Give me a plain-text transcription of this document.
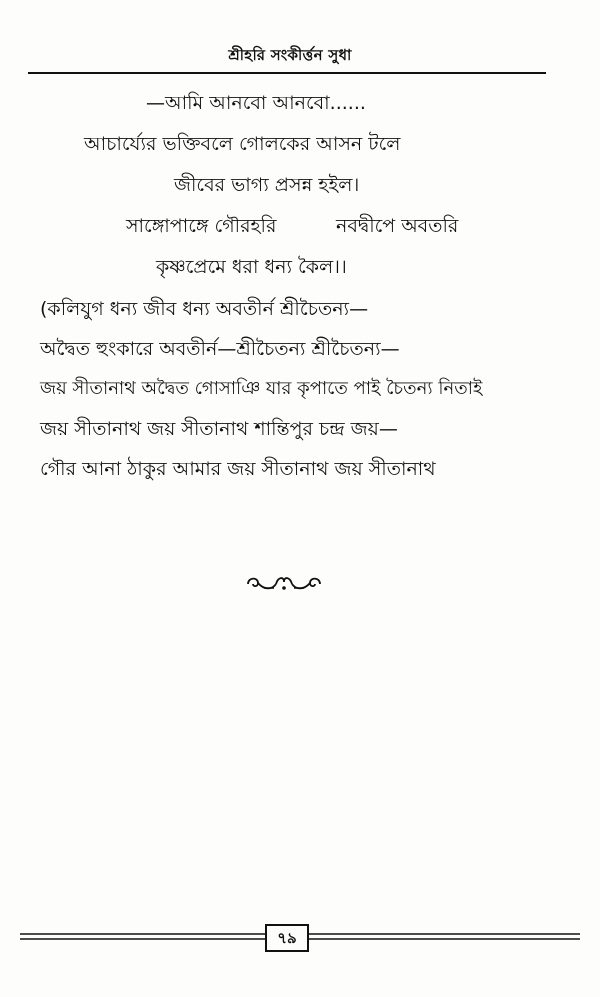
শ্রীহরি সংকীর্ত্তন সুধা
—আমি আনবো আনবো......
আচার্য্যের ভক্তিবলে গোলকের আসন টলে
জীবের ভাগ্য প্রসন্ন হইল।
সাঙ্গোপাঙ্গে গৌরহরি	নবদ্বীপে অবতরি
কৃষ্ণপ্রেমে ধরা ধন্য কৈল।।
(কলিযুগ ধন্য জীব ধন্য অবতীর্ন শ্রীচৈতন্য—
অদ্বৈত হুংকারে অবতীর্ন—শ্রীচৈতন্য শ্রীচৈতন্য—
জয় সীতানাথ অদ্বৈত গোসাঞি যার কৃপাতে পাই চৈতন্য নিতাই
জয় সীতানাথ জয় সীতানাথ শান্তিপুর চন্দ্র জয়—
গৌর আনা ঠাকুর আমার জয় সীতানাথ জয় সীতানাথ
৭৯
